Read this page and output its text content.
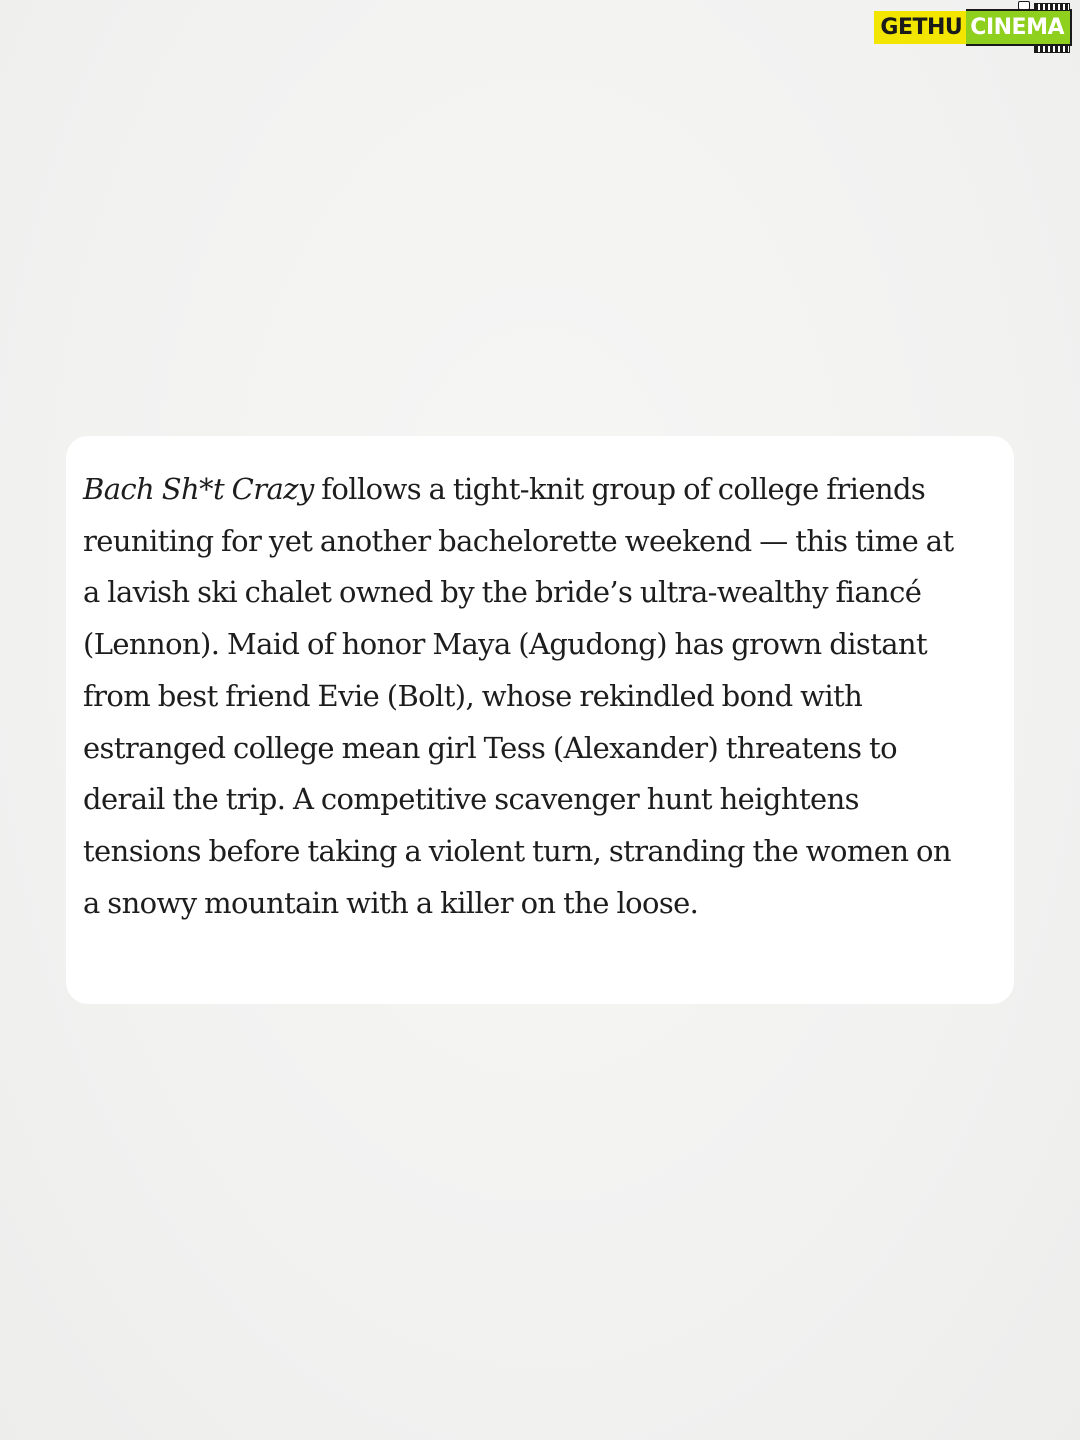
GETHU CINEMA

Bach Sh*t Crazy follows a tight-knit group of college friends reuniting for yet another bachelorette weekend — this time at a lavish ski chalet owned by the bride’s ultra-wealthy fiancé (Lennon). Maid of honor Maya (Agudong) has grown distant from best friend Evie (Bolt), whose rekindled bond with estranged college mean girl Tess (Alexander) threatens to derail the trip. A competitive scavenger hunt heightens tensions before taking a violent turn, stranding the women on a snowy mountain with a killer on the loose.
